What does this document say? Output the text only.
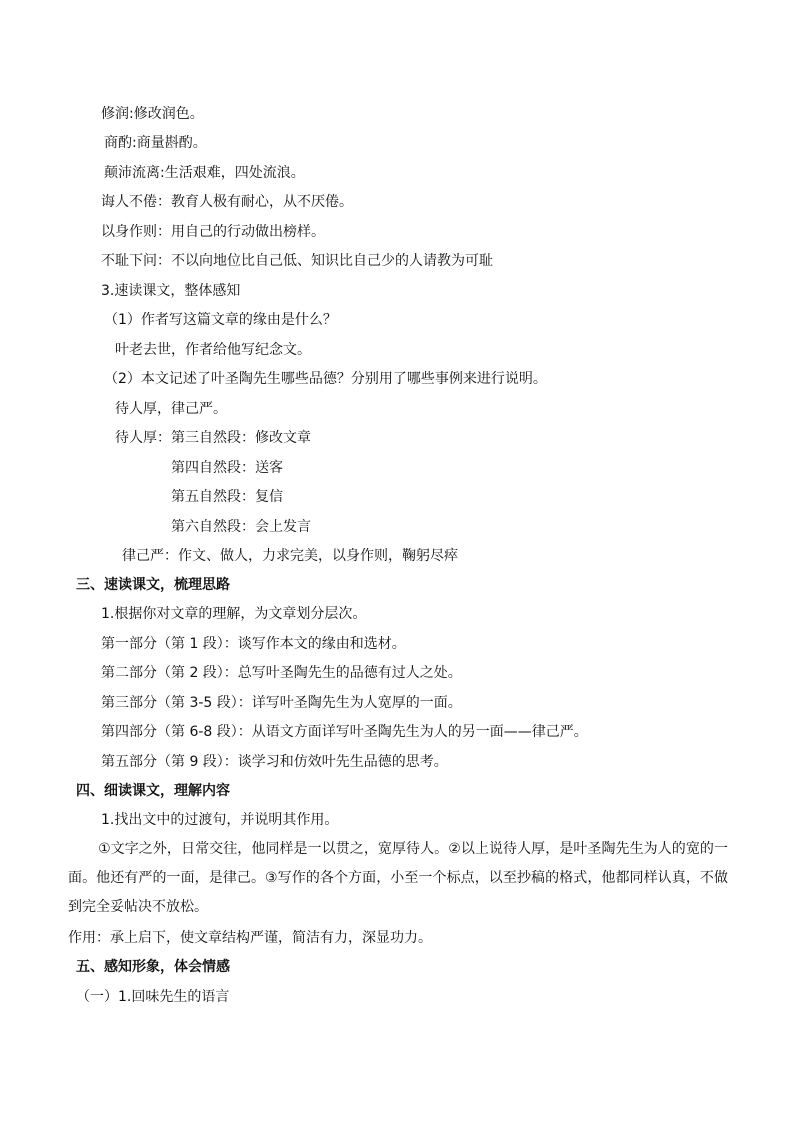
修润:修改润色。
商酌:商量斟酌。
颠沛流离:生活艰难，四处流浪。
诲人不倦：教育人极有耐心，从不厌倦。
以身作则：用自己的行动做出榜样。
不耻下问：不以向地位比自己低、知识比自己少的人请教为可耻
3.速读课文，整体感知
（1）作者写这篇文章的缘由是什么？
叶老去世，作者给他写纪念文。
（2）本文记述了叶圣陶先生哪些品德？分别用了哪些事例来进行说明。
待人厚，律己严。
待人厚：第三自然段：修改文章
第四自然段：送客
第五自然段：复信
第六自然段：会上发言
律己严：作文、做人，力求完美，以身作则，鞠躬尽瘁
三、速读课文，梳理思路
1.根据你对文章的理解，为文章划分层次。
第一部分（第 1 段）：谈写作本文的缘由和选材。
第二部分（第 2 段）：总写叶圣陶先生的品德有过人之处。
第三部分（第 3-5 段）：详写叶圣陶先生为人宽厚的一面。
第四部分（第 6-8 段）：从语文方面详写叶圣陶先生为人的另一面——律己严。
第五部分（第 9 段）：谈学习和仿效叶先生品德的思考。
四、细读课文，理解内容
1.找出文中的过渡句，并说明其作用。
①文字之外，日常交往，他同样是一以贯之，宽厚待人。②以上说待人厚，是叶圣陶先生为人的宽的一面。他还有严的一面，是律己。③写作的各个方面，小至一个标点，以至抄稿的格式，他都同样认真，不做到完全妥帖决不放松。
作用：承上启下，使文章结构严谨，简洁有力，深显功力。
五、感知形象，体会情感
（一）1.回味先生的语言
